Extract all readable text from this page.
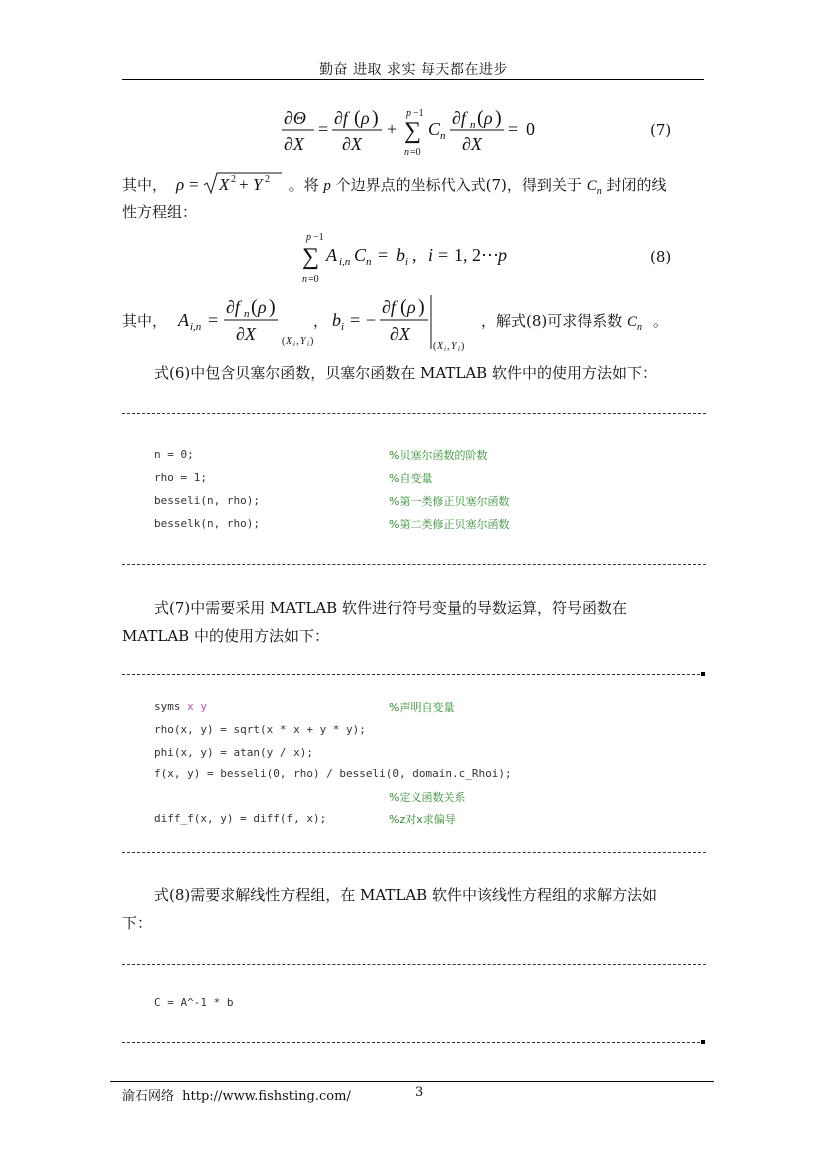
勤奋 进取 求实 每天都在进步
∂Θ
∂X
=
∂f ( ρ )
∂X
+
p −1
∑
n =0
C n
∂f n ( ρ )
∂X
= 0	(7)
其中， ρ = X 2 + Y 2 。将 p 个边界点的坐标代入式(7)，得到关于 $C_n$ 封闭的线
性方程组：
p −1
∑
n =0
A i,n C n = b i , i = 1, 2⋯ p	(8)
其中， A i,n =
∂f n ( ρ )
∂X	( X i , Y i )
， b i = −
∂f ( ρ )
∂X
( X i , Y i )
，解式(8)可求得系数 $C_n$ 。
式(6)中包含贝塞尔函数，贝塞尔函数在 MATLAB 软件中的使用方法如下：
n = 0;	%贝塞尔函数的阶数
rho = 1;	%自变量
besseli(n, rho);	%第一类修正贝塞尔函数
besselk(n, rho);	%第二类修正贝塞尔函数
式(7)中需要采用 MATLAB 软件进行符号变量的导数运算，符号函数在
MATLAB 中的使用方法如下：
syms x y	%声明自变量
rho(x, y) = sqrt(x * x + y * y);
phi(x, y) = atan(y / x);
f(x, y) = besseli(0, rho) / besseli(0, domain.c_Rhoi);
%定义函数关系
diff_f(x, y) = diff(f, x);	%z对x求偏导
式(8)需要求解线性方程组，在 MATLAB 软件中该线性方程组的求解方法如
下：
C = A^-1 * b
渝石网络 http://www.fishsting.com/	3
